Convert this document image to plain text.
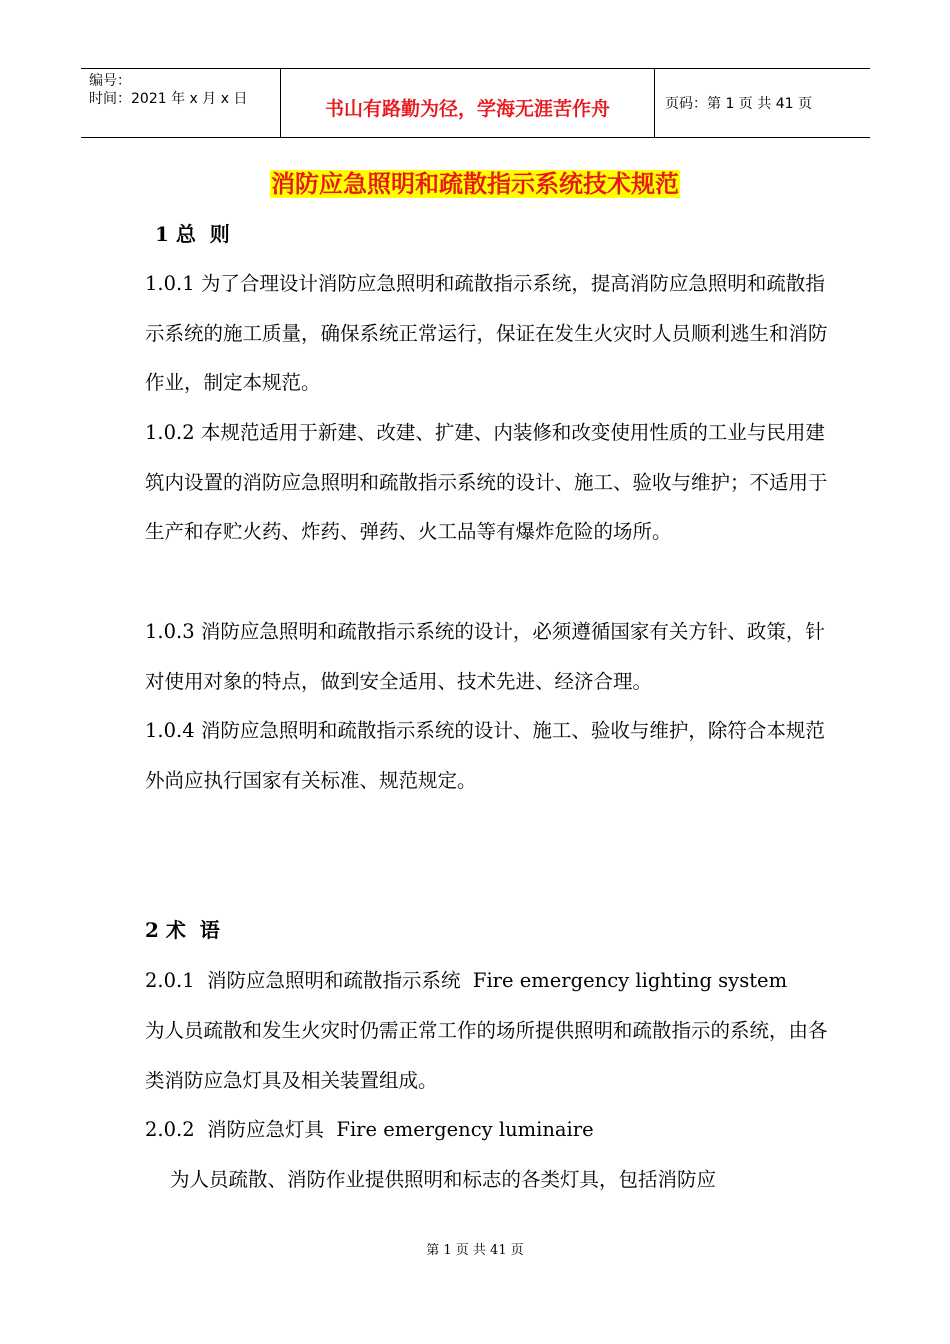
编号：
时间：2021 年 x 月 x 日	书山有路勤为径，学海无涯苦作舟	页码：第 1 页 共 41 页
消防应急照明和疏散指示系统技术规范
1 总  则

1.0.1 为了合理设计消防应急照明和疏散指示系统，提高消防应急照明和疏散指示系统的施工质量，确保系统正常运行，保证在发生火灾时人员顺利逃生和消防作业，制定本规范。

1.0.2 本规范适用于新建、改建、扩建、内装修和改变使用性质的工业与民用建筑内设置的消防应急照明和疏散指示系统的设计、施工、验收与维护；不适用于生产和存贮火药、炸药、弹药、火工品等有爆炸危险的场所。

1.0.3 消防应急照明和疏散指示系统的设计，必须遵循国家有关方针、政策，针对使用对象的特点，做到安全适用、技术先进、经济合理。

1.0.4 消防应急照明和疏散指示系统的设计、施工、验收与维护，除符合本规范外尚应执行国家有关标准、规范规定。

2 术  语
2.0.1  消防应急照明和疏散指示系统  Fire emergency lighting system

为人员疏散和发生火灾时仍需正常工作的场所提供照明和疏散指示的系统，由各类消防应急灯具及相关装置组成。

2.0.2  消防应急灯具  Fire emergency luminaire

为人员疏散、消防作业提供照明和标志的各类灯具，包括消防应

第 1 页 共 41 页
